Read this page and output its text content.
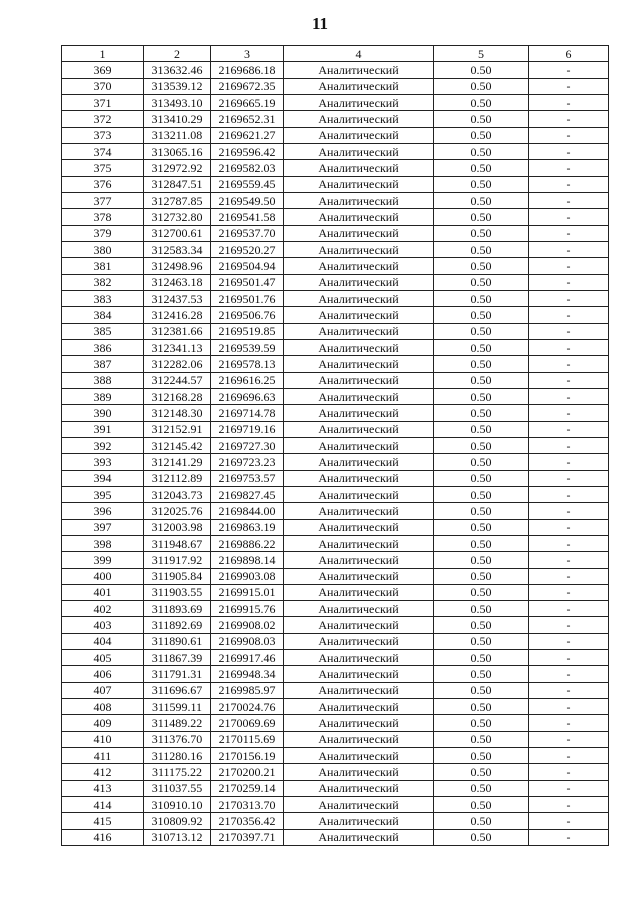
11
1	2	3	4	5	6
369	313632.46	2169686.18	Аналитический	0.50	-
370	313539.12	2169672.35	Аналитический	0.50	-
371	313493.10	2169665.19	Аналитический	0.50	-
372	313410.29	2169652.31	Аналитический	0.50	-
373	313211.08	2169621.27	Аналитический	0.50	-
374	313065.16	2169596.42	Аналитический	0.50	-
375	312972.92	2169582.03	Аналитический	0.50	-
376	312847.51	2169559.45	Аналитический	0.50	-
377	312787.85	2169549.50	Аналитический	0.50	-
378	312732.80	2169541.58	Аналитический	0.50	-
379	312700.61	2169537.70	Аналитический	0.50	-
380	312583.34	2169520.27	Аналитический	0.50	-
381	312498.96	2169504.94	Аналитический	0.50	-
382	312463.18	2169501.47	Аналитический	0.50	-
383	312437.53	2169501.76	Аналитический	0.50	-
384	312416.28	2169506.76	Аналитический	0.50	-
385	312381.66	2169519.85	Аналитический	0.50	-
386	312341.13	2169539.59	Аналитический	0.50	-
387	312282.06	2169578.13	Аналитический	0.50	-
388	312244.57	2169616.25	Аналитический	0.50	-
389	312168.28	2169696.63	Аналитический	0.50	-
390	312148.30	2169714.78	Аналитический	0.50	-
391	312152.91	2169719.16	Аналитический	0.50	-
392	312145.42	2169727.30	Аналитический	0.50	-
393	312141.29	2169723.23	Аналитический	0.50	-
394	312112.89	2169753.57	Аналитический	0.50	-
395	312043.73	2169827.45	Аналитический	0.50	-
396	312025.76	2169844.00	Аналитический	0.50	-
397	312003.98	2169863.19	Аналитический	0.50	-
398	311948.67	2169886.22	Аналитический	0.50	-
399	311917.92	2169898.14	Аналитический	0.50	-
400	311905.84	2169903.08	Аналитический	0.50	-
401	311903.55	2169915.01	Аналитический	0.50	-
402	311893.69	2169915.76	Аналитический	0.50	-
403	311892.69	2169908.02	Аналитический	0.50	-
404	311890.61	2169908.03	Аналитический	0.50	-
405	311867.39	2169917.46	Аналитический	0.50	-
406	311791.31	2169948.34	Аналитический	0.50	-
407	311696.67	2169985.97	Аналитический	0.50	-
408	311599.11	2170024.76	Аналитический	0.50	-
409	311489.22	2170069.69	Аналитический	0.50	-
410	311376.70	2170115.69	Аналитический	0.50	-
411	311280.16	2170156.19	Аналитический	0.50	-
412	311175.22	2170200.21	Аналитический	0.50	-
413	311037.55	2170259.14	Аналитический	0.50	-
414	310910.10	2170313.70	Аналитический	0.50	-
415	310809.92	2170356.42	Аналитический	0.50	-
416	310713.12	2170397.71	Аналитический	0.50	-
